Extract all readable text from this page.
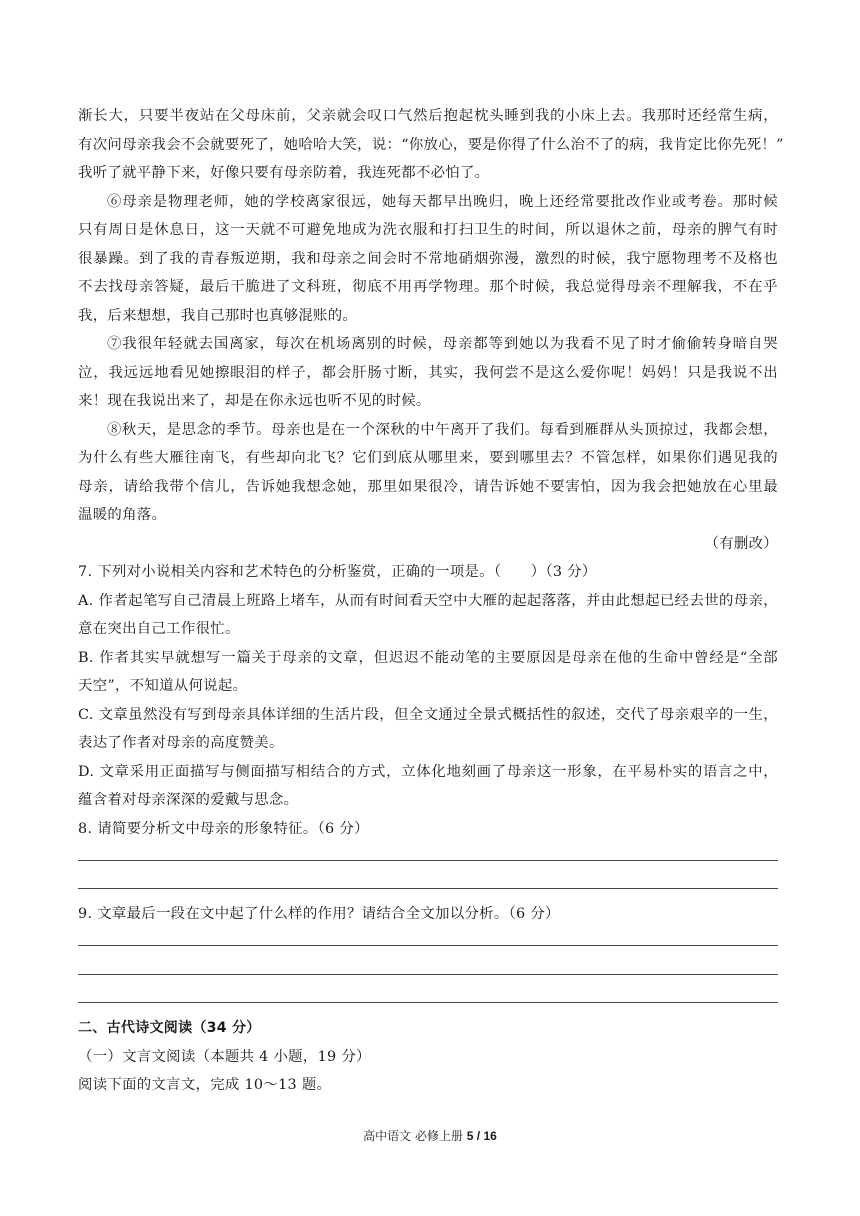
渐长大，只要半夜站在父母床前，父亲就会叹口气然后抱起枕头睡到我的小床上去。我那时还经常生病，
有次问母亲我会不会就要死了，她哈哈大笑，说：“你放心，要是你得了什么治不了的病，我肯定比你先死！”
我听了就平静下来，好像只要有母亲防着，我连死都不必怕了。
⑥母亲是物理老师，她的学校离家很远，她每天都早出晚归，晚上还经常要批改作业或考卷。那时候
只有周日是休息日，这一天就不可避免地成为洗衣服和打扫卫生的时间，所以退休之前，母亲的脾气有时
很暴躁。到了我的青春叛逆期，我和母亲之间会时不常地硝烟弥漫，激烈的时候，我宁愿物理考不及格也
不去找母亲答疑，最后干脆进了文科班，彻底不用再学物理。那个时候，我总觉得母亲不理解我，不在乎
我，后来想想，我自己那时也真够混账的。
⑦我很年轻就去国离家，每次在机场离别的时候，母亲都等到她以为我看不见了时才偷偷转身暗自哭
泣，我远远地看见她擦眼泪的样子，都会肝肠寸断，其实，我何尝不是这么爱你呢！妈妈！只是我说不出
来！现在我说出来了，却是在你永远也听不见的时候。
⑧秋天，是思念的季节。母亲也是在一个深秋的中午离开了我们。每看到雁群从头顶掠过，我都会想，
为什么有些大雁往南飞，有些却向北飞？它们到底从哪里来，要到哪里去？不管怎样，如果你们遇见我的
母亲，请给我带个信儿，告诉她我想念她，那里如果很冷，请告诉她不要害怕，因为我会把她放在心里最
温暖的角落。
（有删改）
7. 下列对小说相关内容和艺术特色的分析鉴赏，正确的一项是。（　　）（3 分）
A. 作者起笔写自己清晨上班路上堵车，从而有时间看天空中大雁的起起落落，并由此想起已经去世的母亲，
意在突出自己工作很忙。
B. 作者其实早就想写一篇关于母亲的文章，但迟迟不能动笔的主要原因是母亲在他的生命中曾经是“全部
天空”，不知道从何说起。
C. 文章虽然没有写到母亲具体详细的生活片段，但全文通过全景式概括性的叙述，交代了母亲艰辛的一生，
表达了作者对母亲的高度赞美。
D. 文章采用正面描写与侧面描写相结合的方式，立体化地刻画了母亲这一形象，在平易朴实的语言之中，
蕴含着对母亲深深的爱戴与思念。
8. 请简要分析文中母亲的形象特征。（6 分）
9. 文章最后一段在文中起了什么样的作用？请结合全文加以分析。（6 分）
二、古代诗文阅读（34 分）
（一）文言文阅读（本题共 4 小题，19 分）
阅读下面的文言文，完成 10～13 题。
高中语文 必修上册 5 / 16
